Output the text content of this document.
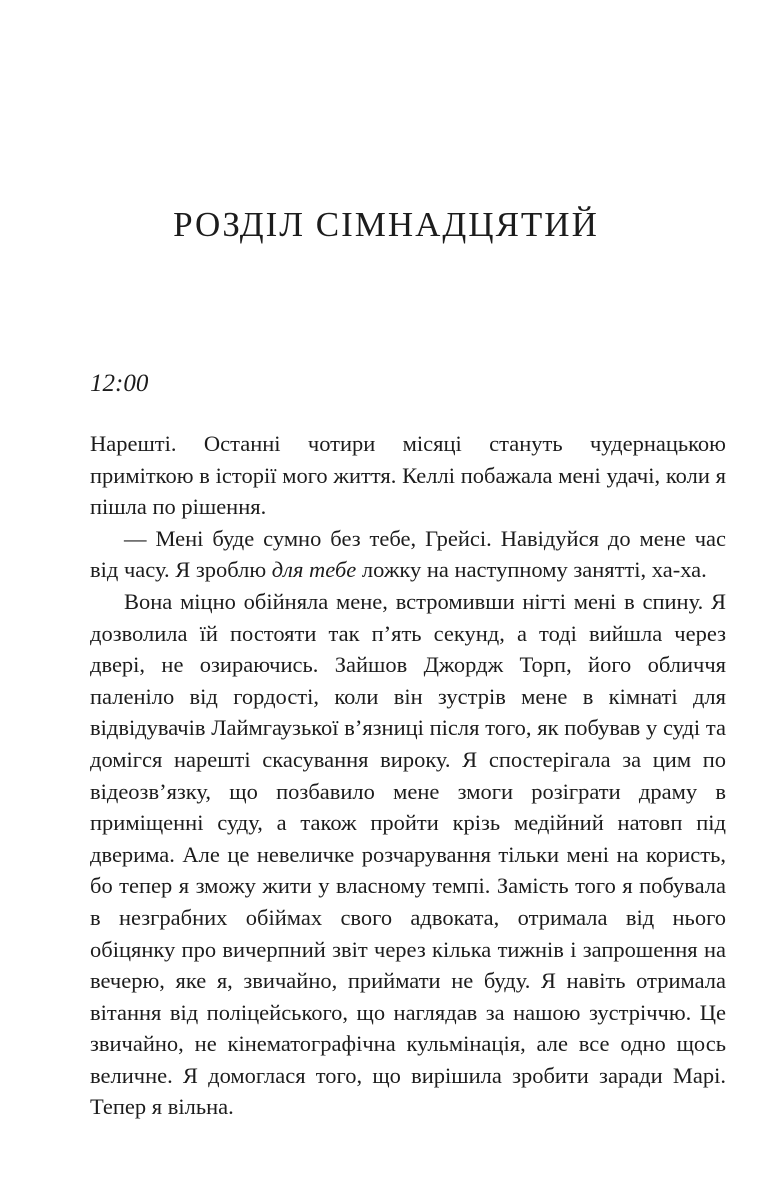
РОЗДІЛ СІМНАДЦЯТИЙ
12:00

Нарешті. Останні чотири місяці стануть чудернацькою приміткою в історії мого життя. Келлі побажала мені удачі, коли я пішла по рішення.

— Мені буде сумно без тебе, Грейсі. Навідуйся до мене час від часу. Я зроблю для тебе ложку на наступному занятті, ха-ха.

Вона міцно обійняла мене, встромивши нігті мені в спину. Я дозволила їй постояти так п’ять секунд, а тоді вийшла через двері, не озираючись. Зайшов Джордж Торп, його обличчя паленіло від гордості, коли він зустрів мене в кімнаті для відвідувачів Лаймгаузької в’язниці після того, як побував у суді та домігся нарешті скасування вироку. Я спостерігала за цим по відеозв’язку, що позбавило мене змоги розіграти драму в приміщенні суду, а також пройти крізь медійний натовп під дверима. Але це невеличке розчарування тільки мені на користь, бо тепер я зможу жити у власному темпі. Замість того я побувала в незграбних обіймах свого адвоката, отримала від нього обіцянку про вичерпний звіт через кілька тижнів і запрошення на вечерю, яке я, звичайно, приймати не буду. Я навіть отримала вітання від поліцейського, що наглядав за нашою зустріччю. Це звичайно, не кінематографічна кульмінація, але все одно щось величне. Я домоглася того, що вирішила зробити заради Марі. Тепер я вільна.
